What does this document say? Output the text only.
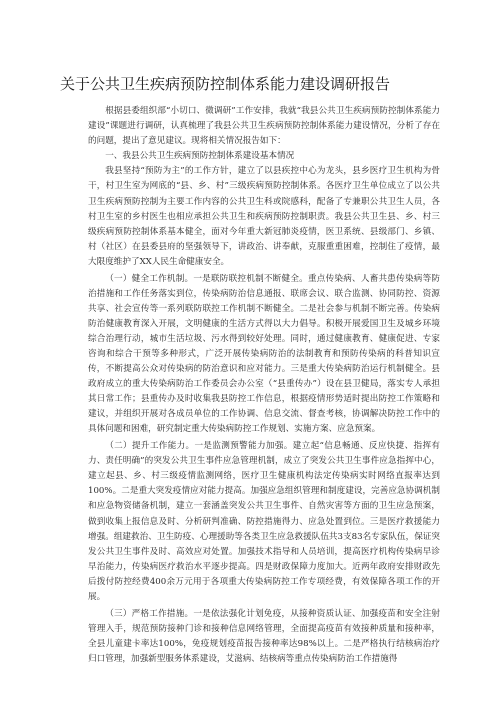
关于公共卫生疾病预防控制体系能力建设调研报告

根据县委组织部“小切口、微调研”工作安排，我就“我县公共卫生疾病预防控制体系能力建设”课题进行调研，认真梳理了我县公共卫生疾病预防控制体系能力建设情况，分析了存在的问题，提出了意见建议。现将相关情况报告如下：

一、我县公共卫生疾病预防控制体系建设基本情况

我县坚持“预防为主”的工作方针，建立了以县疾控中心为龙头，县乡医疗卫生机构为骨干，村卫生室为网底的“县、乡、村”三级疾病预防控制体系。各医疗卫生单位成立了以公共卫生疾病预防控制为主要工作内容的公共卫生科或院感科，配备了专兼职公共卫生人员，各村卫生室的乡村医生也相应承担公共卫生和疾病预防控制职责。我县公共卫生县、乡、村三级疾病预防控制体系基本健全，面对今年重大新冠肺炎疫情，医卫系统、县级部门、乡镇、村（社区）在县委县府的坚强领导下，讲政治、讲奉献，克服重重困难，控制住了疫情，最大限度维护了XX人民生命健康安全。

（一）健全工作机制。一是联防联控机制不断健全。重点传染病、人畜共患传染病等防治措施和工作任务落实到位，传染病防治信息通报、联席会议、联合监测、协同防控、资源共享、社会宣传等一系列联防联控工作机制不断健全。二是社会参与机制不断完善。传染病防治健康教育深入开展，文明健康的生活方式得以大力倡导。积极开展爱国卫生及城乡环境综合治理行动，城市生活垃圾、污水得到较好处理。同时，通过健康教育、健康促进、专家咨询和综合干预等多种形式，广泛开展传染病防治的法制教育和预防传染病的科普知识宣传，不断提高公众对传染病的防治意识和应对能力。三是重大传染病防治运行机制健全。县政府成立的重大传染病防治工作委员会办公室（“县重传办”）设在县卫健局，落实专人承担其日常工作；县重传办及时收集我县防控工作信息，根据疫情形势适时提出防控工作策略和建议，并组织开展对各成员单位的工作协调、信息交流、督查考核，协调解决防控工作中的具体问题和困难，研究制定重大传染病防控工作规划、实施方案、应急预案。

（二）提升工作能力。一是监测预警能力加强。建立起“信息畅通、反应快捷、指挥有力、责任明确”的突发公共卫生事件应急管理机制，成立了突发公共卫生事件应急指挥中心，建立起县、乡、村三级疫情监测网络，医疗卫生健康机构法定传染病实时网络直报率达到100%。二是重大突发疫情应对能力提高。加强应急组织管理和制度建设，完善应急协调机制和应急物资储备机制，建立一套涵盖突发公共卫生事件、自然灾害等方面的卫生应急预案，做到收集上报信息及时、分析研判准确、防控措施得力、应急处置到位。三是医疗救援能力增强。组建救治、卫生防疫、心理援助等各类卫生应急救援队伍共3支83名专家队伍，保证突发公共卫生事件及时、高效应对处置。加强技术指导和人员培训，提高医疗机构传染病早诊早治能力，传染病医疗救治水平逐步提高。四是财政保障力度加大。近两年政府安排财政先后拨付防控经费400余万元用于各项重大传染病防控工作专项经费，有效保障各项工作的开展。

（三）严格工作措施。一是依法强化计划免疫，从接种资质认证、加强疫苗和安全注射管理入手，规范预防接种门诊和接种信息网络管理，全面提高疫苗有效接种质量和接种率，全县儿童建卡率达100%，免疫规划疫苗报告接种率达98%以上。二是严格执行结核病治疗归口管理，加强新型服务体系建设，艾滋病、结核病等重点传染病防治工作措施得
